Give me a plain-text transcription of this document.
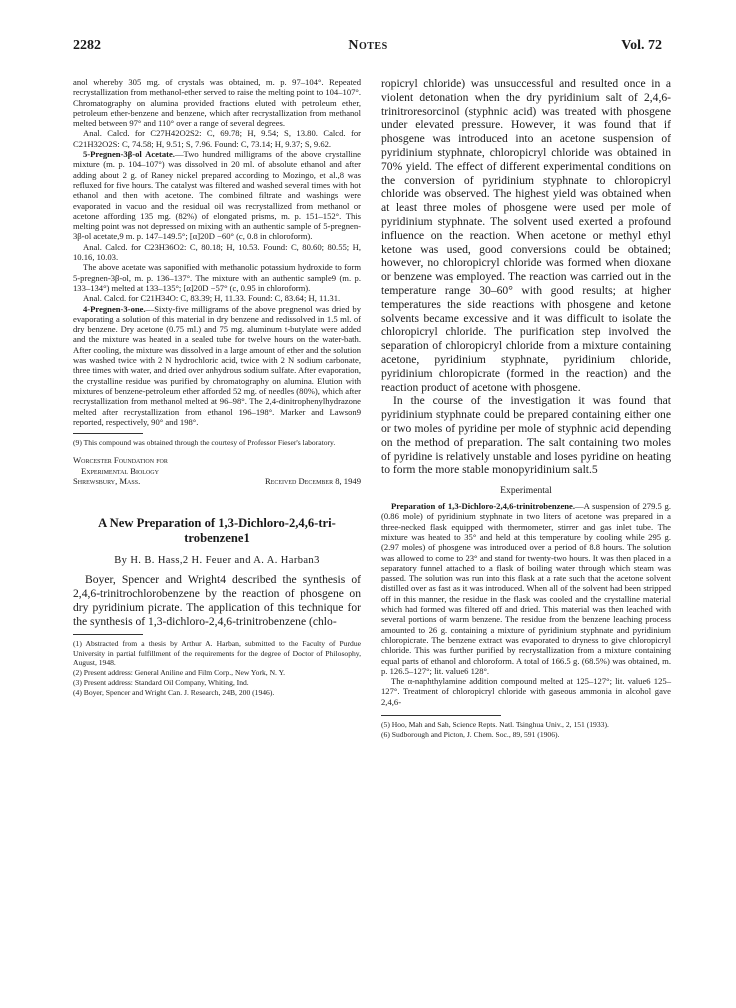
2282	Notes	Vol. 72

anol whereby 305 mg. of crystals was obtained, m. p. 97–104°. Repeated recrystallization from methanol-ether served to raise the melting point to 104–107°. Chromatography on alumina provided fractions eluted with petroleum ether, petroleum ether-benzene and benzene, which after recrystallization from methanol melted between 97° and 110° over a range of several degrees.

Anal. Calcd. for C27H42O2S2: C, 69.78; H, 9.54; S, 13.80. Calcd. for C21H32O2S: C, 74.58; H, 9.51; S, 7.96. Found: C, 73.14; H, 9.37; S, 9.62.

5-Pregnen-3β-ol Acetate.—Two hundred milligrams of the above crystalline mixture (m. p. 104–107°) was dissolved in 20 ml. of absolute ethanol and after adding about 2 g. of Raney nickel prepared according to Mozingo, et al.,8 was refluxed for five hours. The catalyst was filtered and washed several times with hot ethanol and then with acetone. The combined filtrate and washings were evaporated in vacuo and the residual oil was recrystallized from methanol or acetone affording 135 mg. (82%) of elongated prisms, m. p. 151–152°. This melting point was not depressed on mixing with an authentic sample of 5-pregnen-3β-ol acetate,9 m. p. 147–149.5°; [α]20D −60° (c, 0.8 in chloroform).

Anal. Calcd. for C23H36O2: C, 80.18; H, 10.53. Found: C, 80.60; 80.55; H, 10.16, 10.03.

The above acetate was saponified with methanolic potassium hydroxide to form 5-pregnen-3β-ol, m. p. 136–137°. The mixture with an authentic sample9 (m. p. 133–134°) melted at 133–135°; [α]20D −57° (c, 0.95 in chloroform).

Anal. Calcd. for C21H34O: C, 83.39; H, 11.33. Found: C, 83.64; H, 11.31.

4-Pregnen-3-one.—Sixty-five milligrams of the above pregnenol was dried by evaporating a solution of this material in dry benzene and redissolved in 1.5 ml. of dry benzene. Dry acetone (0.75 ml.) and 75 mg. aluminum t-butylate were added and the mixture was heated in a sealed tube for twelve hours on the water-bath. After cooling, the mixture was dissolved in a large amount of ether and the solution was washed twice with 2 N hydrochloric acid, twice with 2 N sodium carbonate, three times with water, and dried over anhydrous sodium sulfate. After evaporation, the crystalline residue was purified by chromatography on alumina. Elution with mixtures of benzene-petroleum ether afforded 52 mg. of needles (80%), which after recrystallization from methanol melted at 96–98°. The 2,4-dinitrophenylhydrazone melted after recrystallization from ethanol 196–198°. Marker and Lawson9 reported, respectively, 90° and 198°.

(9) This compound was obtained through the courtesy of Professor Fieser's laboratory.

Worcester Foundation for
Experimental Biology
Shrewsbury, Mass.	Received December 8, 1949
A New Preparation of 1,3-Dichloro-2,4,6-tri-
trobenzene1
By H. B. Hass,2 H. Feuer and A. A. Harban3

Boyer, Spencer and Wright4 described the synthesis of 2,4,6-trinitrochlorobenzene by the reaction of phosgene on dry pyridinium picrate. The application of this technique for the synthesis of 1,3-dichloro-2,4,6-trinitrobenzene (chlo-

(1) Abstracted from a thesis by Arthur A. Harban, submitted to the Faculty of Purdue University in partial fulfillment of the requirements for the degree of Doctor of Philosophy, August, 1948.

(2) Present address: General Aniline and Film Corp., New York, N. Y.

(3) Present address: Standard Oil Company, Whiting, Ind.

(4) Boyer, Spencer and Wright Can. J. Research, 24B, 200 (1946).

ropicryl chloride) was unsuccessful and resulted once in a violent detonation when the dry pyridinium salt of 2,4,6-trinitroresorcinol (styphnic acid) was treated with phosgene under elevated pressure. However, it was found that if phosgene was introduced into an acetone suspension of pyridinium styphnate, chloropicryl chloride was obtained in 70% yield. The effect of different experimental conditions on the conversion of pyridinium styphnate to chloropicryl chloride was observed. The highest yield was obtained when at least three moles of phosgene were used per mole of pyridinium styphnate. The solvent used exerted a profound influence on the reaction. When acetone or methyl ethyl ketone was used, good conversions could be obtained; however, no chloropicryl chloride was formed when dioxane or benzene was employed. The reaction was carried out in the temperature range 30–60° with good results; at higher temperatures the side reactions with phosgene and ketone solvents became excessive and it was difficult to isolate the chloropicryl chloride. The purification step involved the separation of chloropicryl chloride from a mixture containing acetone, pyridinium styphnate, pyridinium chloride, pyridinium chloropicrate (formed in the reaction) and the reaction product of acetone with phosgene.

In the course of the investigation it was found that pyridinium styphnate could be prepared containing either one or two moles of pyridine per mole of styphnic acid depending on the method of preparation. The salt containing two moles of pyridine is relatively unstable and loses pyridine on heating to form the more stable monopyridinium salt.5

Experimental

Preparation of 1,3-Dichloro-2,4,6-trinitrobenzene.—A suspension of 279.5 g. (0.86 mole) of pyridinium styphnate in two liters of acetone was prepared in a three-necked flask equipped with thermometer, stirrer and gas inlet tube. The mixture was heated to 35° and held at this temperature by cooling while 295 g. (2.97 moles) of phosgene was introduced over a period of 8.8 hours. The solution was allowed to come to 23° and stand for twenty-two hours. It was then placed in a separatory funnel attached to a flask of boiling water through which steam was passed. The solution was run into this flask at a rate such that the acetone solvent distilled over as fast as it was introduced. When all of the solvent had been stripped off in this manner, the residue in the flask was cooled and the crystalline material which had formed was filtered off and dried. This material was then leached with several portions of warm benzene. The residue from the benzene leaching process amounted to 26 g. containing a mixture of pyridinium styphnate and pyridinium chloropicrate. The benzene extract was evaporated to dryness to give chloropicryl chloride. This was further purified by recrystallization from a mixture containing equal parts of ethanol and chloroform. A total of 166.5 g. (68.5%) was obtained, m. p. 126.5–127°; lit. value6 128°.

The α-naphthylamine addition compound melted at 125–127°; lit. value6 125–127°. Treatment of chloropicryl chloride with gaseous ammonia in alcohol gave 2,4,6-

(5) Hoo, Mah and Sah, Science Repts. Natl. Tsinghua Univ., 2, 151 (1933).

(6) Sudborough and Picton, J. Chem. Soc., 89, 591 (1906).
